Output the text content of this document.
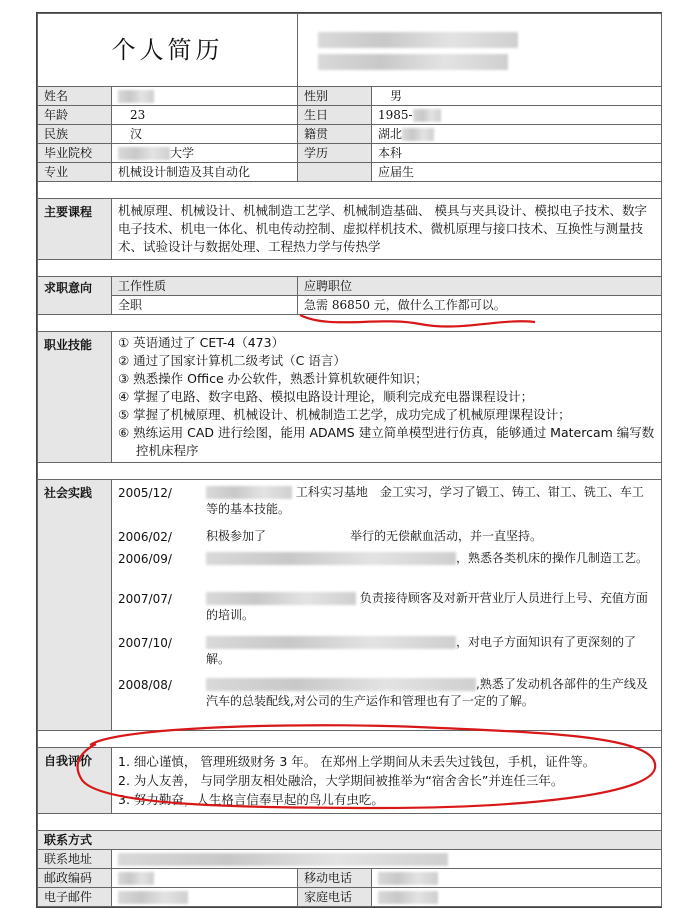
个人简历	

姓名		性别	男
年龄	23	生日	1985-
民族	汉	籍贯	湖北
毕业院校	大学	学历	本科
专业	机械设计制造及其自动化		应届生

主要课程	机械原理、机械设计、机械制造工艺学、机械制造基础、 模具与夹具设计、模拟电子技术、数字电子技术、机电一体化、机电传动控制、虚拟样机技术、微机原理与接口技术、互换性与测量技术、试验设计与数据处理、工程热力学与传热学

求职意向	工作性质	应聘职位
全职	急需 86850 元，做什么工作都可以。

职业技能	① 英语通过了 CET-4（473）
② 通过了国家计算机二级考试（C 语言）
③ 熟悉操作 Office 办公软件，熟悉计算机软硬件知识；
④ 掌握了电路、数字电路、模拟电路设计理论，顺利完成充电器课程设计；
⑤ 掌握了机械原理、机械设计、机械制造工艺学，成功完成了机械原理课程设计；
⑥ 熟练运用 CAD 进行绘图，能用 ADAMS 建立简单模型进行仿真，能够通过 Matercam 编写数控机床程序

社会实践	2005/12/	工科实习基地　金工实习，学习了锻工、铸工、钳工、铣工、车工等的基本技能。
2006/02/	积极参加了　　　　　　　举行的无偿献血活动，并一直坚持。
2006/09/	，熟悉各类机床的操作几制造工艺。
2007/07/	负责接待顾客及对新开营业厅人员进行上号、充值方面的培训。
2007/10/	，对电子方面知识有了更深刻的了解。
2008/08/	,熟悉了发动机各部件的生产线及汽车的总装配线,对公司的生产运作和管理也有了一定的了解。

自我评价	1. 细心谨慎， 管理班级财务 3 年。 在郑州上学期间从未丢失过钱包，手机，证件等。
2. 为人友善， 与同学朋友相处融洽，大学期间被推举为“宿舍舍长”并连任三年。
3. 努力勤奋，人生格言信奉早起的鸟儿有虫吃。

联系方式
联系地址	
邮政编码		移动电话	
电子邮件		家庭电话	
